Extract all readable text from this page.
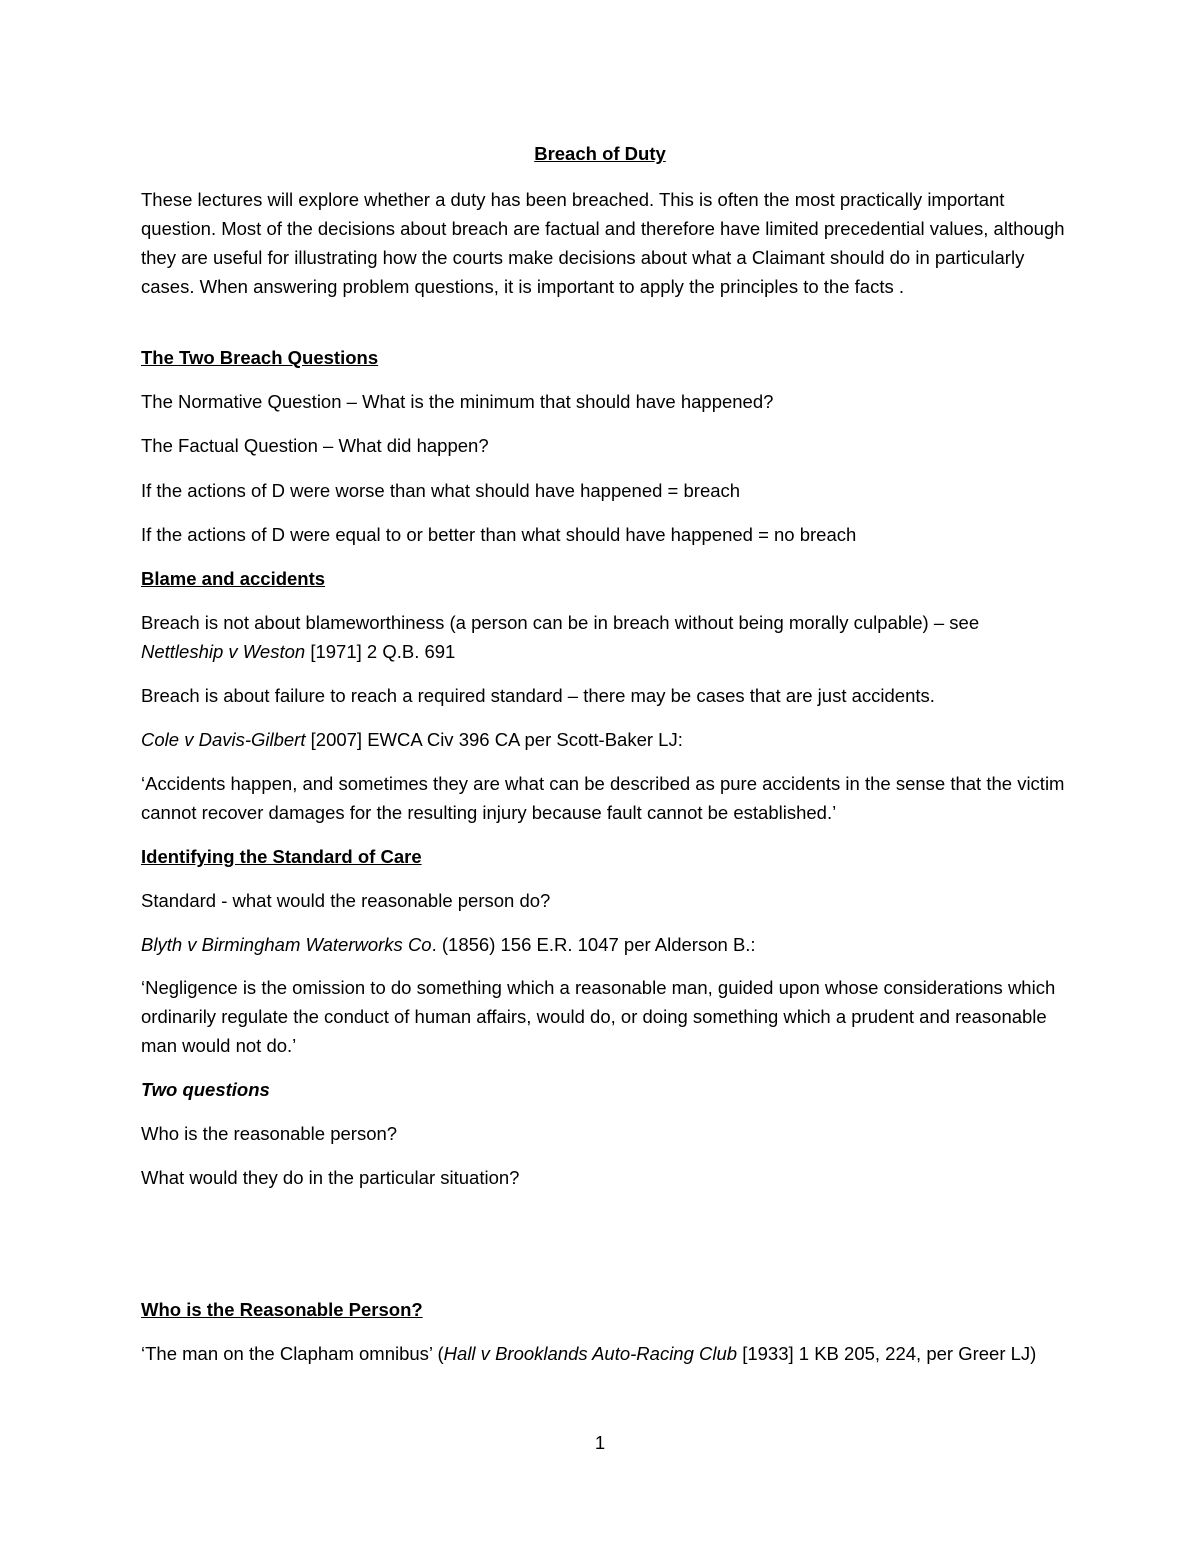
Breach of Duty

These lectures will explore whether a duty has been breached. This is often the most practically important question. Most of the decisions about breach are factual and therefore have limited precedential values, although they are useful for illustrating how the courts make decisions about what a Claimant should do in particularly cases. When answering problem questions, it is important to apply the principles to the facts .

The Two Breach Questions

The Normative Question – What is the minimum that should have happened?

The Factual Question – What did happen?

If the actions of D were worse than what should have happened = breach

If the actions of D were equal to or better than what should have happened = no breach

Blame and accidents

Breach is not about blameworthiness (a person can be in breach without being morally culpable) – see Nettleship v Weston [1971] 2 Q.B. 691

Breach is about failure to reach a required standard – there may be cases that are just accidents.

Cole v Davis-Gilbert [2007] EWCA Civ 396 CA per Scott-Baker LJ:

‘Accidents happen, and sometimes they are what can be described as pure accidents in the sense that the victim cannot recover damages for the resulting injury because fault cannot be established.’

Identifying the Standard of Care

Standard - what would the reasonable person do?

Blyth v Birmingham Waterworks Co. (1856) 156 E.R. 1047 per Alderson B.:

‘Negligence is the omission to do something which a reasonable man, guided upon whose considerations which ordinarily regulate the conduct of human affairs, would do, or doing something which a prudent and reasonable man would not do.’

Two questions

Who is the reasonable person?

What would they do in the particular situation?

Who is the Reasonable Person?

‘The man on the Clapham omnibus’ (Hall v Brooklands Auto-Racing Club [1933] 1 KB 205, 224, per Greer LJ)

1
